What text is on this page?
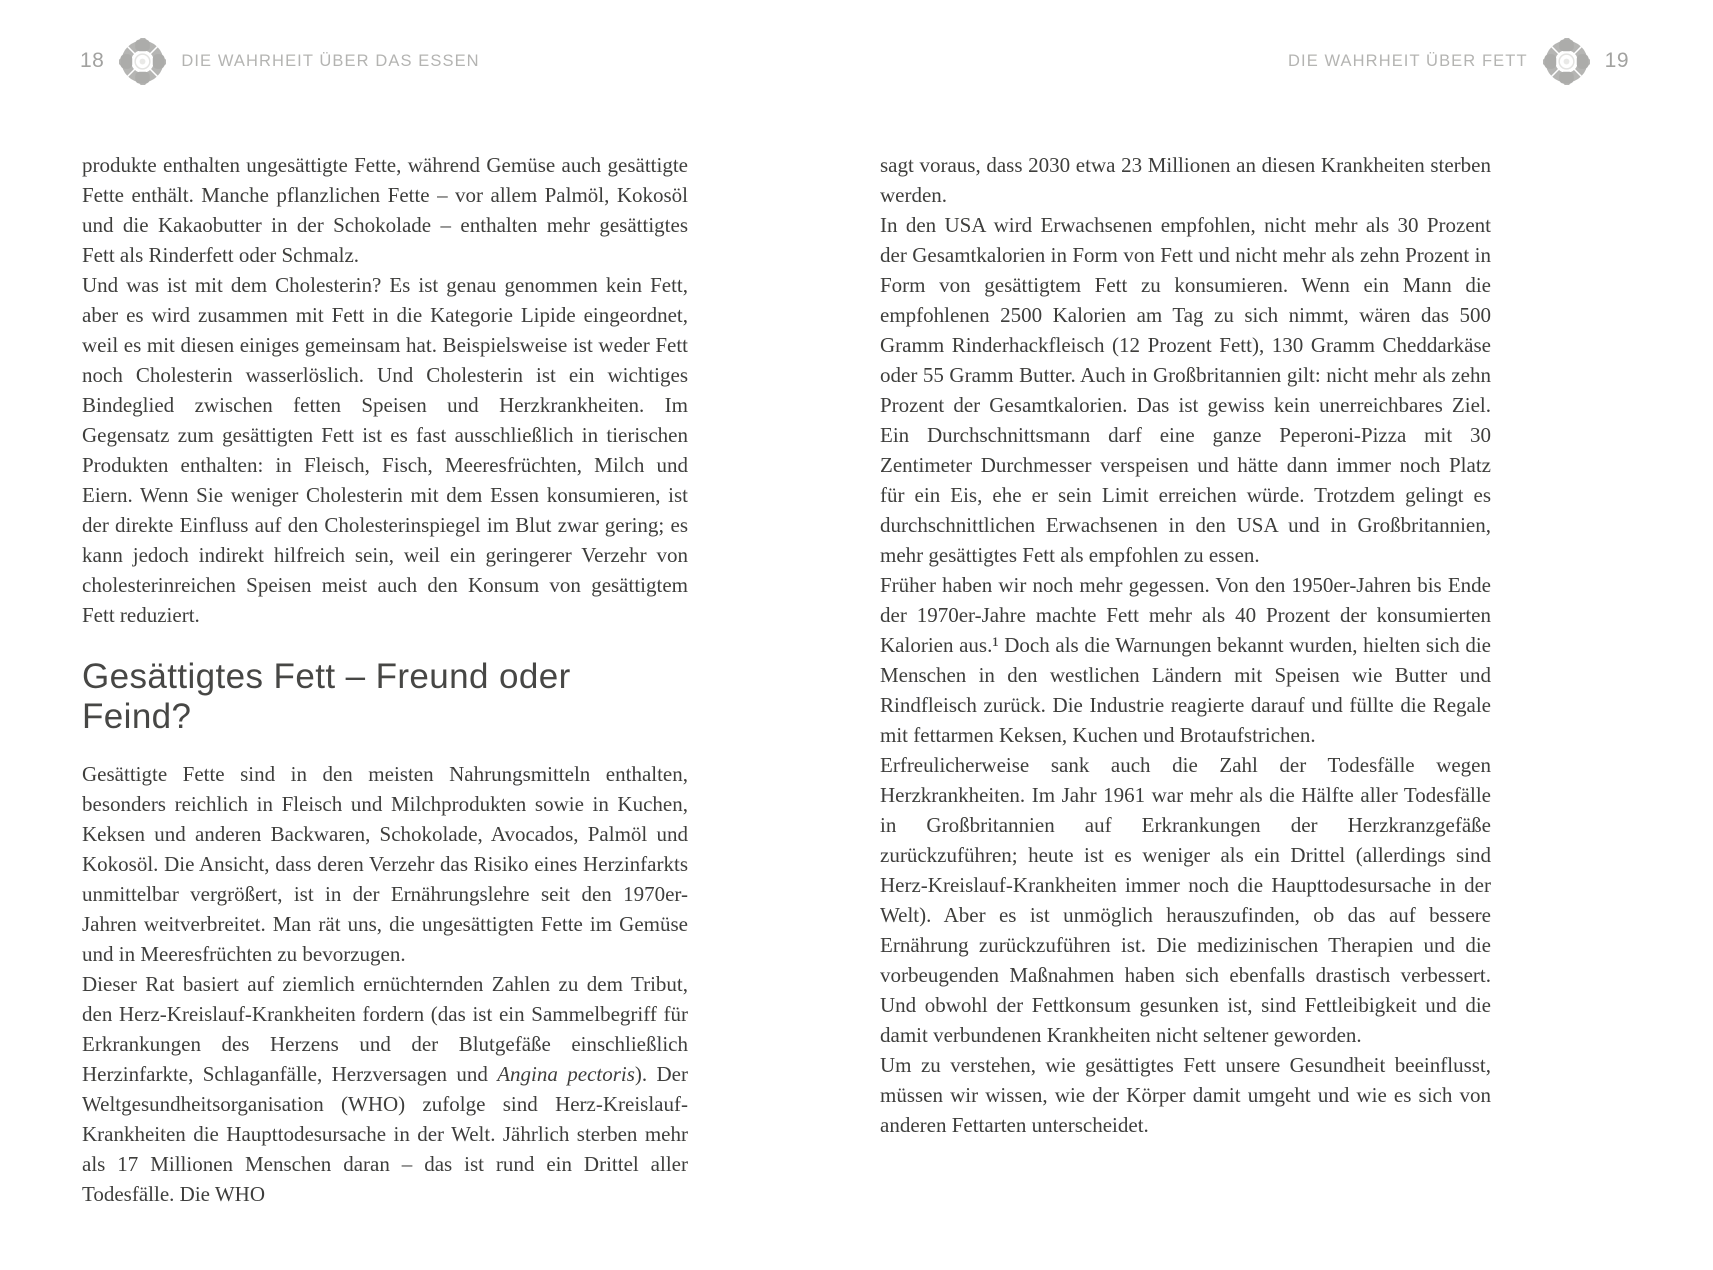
18	DIE WAHRHEIT ÜBER DAS ESSEN	DIE WAHRHEIT ÜBER FETT	19

produkte enthalten ungesättigte Fette, während Gemüse auch gesättigte Fette enthält. Manche pflanzlichen Fette – vor allem Palmöl, Kokosöl und die Kakaobutter in der Schokolade – enthalten mehr gesättigtes Fett als Rinderfett oder Schmalz.

Und was ist mit dem Cholesterin? Es ist genau genommen kein Fett, aber es wird zusammen mit Fett in die Kategorie Lipide eingeordnet, weil es mit diesen einiges gemeinsam hat. Beispielsweise ist weder Fett noch Cholesterin wasserlöslich. Und Cholesterin ist ein wichtiges Bindeglied zwischen fetten Speisen und Herzkrankheiten. Im Gegensatz zum gesättigten Fett ist es fast ausschließlich in tierischen Produkten enthalten: in Fleisch, Fisch, Meeresfrüchten, Milch und Eiern. Wenn Sie weniger Cholesterin mit dem Essen konsumieren, ist der direkte Einfluss auf den Cholesterinspiegel im Blut zwar gering; es kann jedoch indirekt hilfreich sein, weil ein geringerer Verzehr von cholesterinreichen Speisen meist auch den Konsum von gesättigtem Fett reduziert.

Gesättigtes Fett – Freund oder Feind?

Gesättigte Fette sind in den meisten Nahrungsmitteln enthalten, besonders reichlich in Fleisch und Milchprodukten sowie in Kuchen, Keksen und anderen Backwaren, Schokolade, Avocados, Palmöl und Kokosöl. Die Ansicht, dass deren Verzehr das Risiko eines Herzinfarkts unmittelbar vergrößert, ist in der Ernährungslehre seit den 1970er-Jahren weitverbreitet. Man rät uns, die ungesättigten Fette im Gemüse und in Meeresfrüchten zu bevorzugen.

Dieser Rat basiert auf ziemlich ernüchternden Zahlen zu dem Tribut, den Herz-Kreislauf-Krankheiten fordern (das ist ein Sammelbegriff für Erkrankungen des Herzens und der Blutgefäße einschließlich Herzinfarkte, Schlaganfälle, Herzversagen und Angina pectoris). Der Weltgesundheitsorganisation (WHO) zufolge sind Herz-Kreislauf-Krankheiten die Haupttodesursache in der Welt. Jährlich sterben mehr als 17 Millionen Menschen daran – das ist rund ein Drittel aller Todesfälle. Die WHO

sagt voraus, dass 2030 etwa 23 Millionen an diesen Krankheiten sterben werden.

In den USA wird Erwachsenen empfohlen, nicht mehr als 30 Prozent der Gesamtkalorien in Form von Fett und nicht mehr als zehn Prozent in Form von gesättigtem Fett zu konsumieren. Wenn ein Mann die empfohlenen 2500 Kalorien am Tag zu sich nimmt, wären das 500 Gramm Rinderhackfleisch (12 Prozent Fett), 130 Gramm Cheddarkäse oder 55 Gramm Butter. Auch in Großbritannien gilt: nicht mehr als zehn Prozent der Gesamtkalorien. Das ist gewiss kein unerreichbares Ziel. Ein Durchschnittsmann darf eine ganze Peperoni-Pizza mit 30 Zentimeter Durchmesser verspeisen und hätte dann immer noch Platz für ein Eis, ehe er sein Limit erreichen würde. Trotzdem gelingt es durchschnittlichen Erwachsenen in den USA und in Großbritannien, mehr gesättigtes Fett als empfohlen zu essen.

Früher haben wir noch mehr gegessen. Von den 1950er-Jahren bis Ende der 1970er-Jahre machte Fett mehr als 40 Prozent der konsumierten Kalorien aus.¹ Doch als die Warnungen bekannt wurden, hielten sich die Menschen in den westlichen Ländern mit Speisen wie Butter und Rindfleisch zurück. Die Industrie reagierte darauf und füllte die Regale mit fettarmen Keksen, Kuchen und Brotaufstrichen.

Erfreulicherweise sank auch die Zahl der Todesfälle wegen Herzkrankheiten. Im Jahr 1961 war mehr als die Hälfte aller Todesfälle in Großbritannien auf Erkrankungen der Herzkranzgefäße zurückzuführen; heute ist es weniger als ein Drittel (allerdings sind Herz-Kreislauf-Krankheiten immer noch die Haupttodesursache in der Welt). Aber es ist unmöglich herauszufinden, ob das auf bessere Ernährung zurückzuführen ist. Die medizinischen Therapien und die vorbeugenden Maßnahmen haben sich ebenfalls drastisch verbessert. Und obwohl der Fettkonsum gesunken ist, sind Fettleibigkeit und die damit verbundenen Krankheiten nicht seltener geworden.

Um zu verstehen, wie gesättigtes Fett unsere Gesundheit beeinflusst, müssen wir wissen, wie der Körper damit umgeht und wie es sich von anderen Fettarten unterscheidet.
